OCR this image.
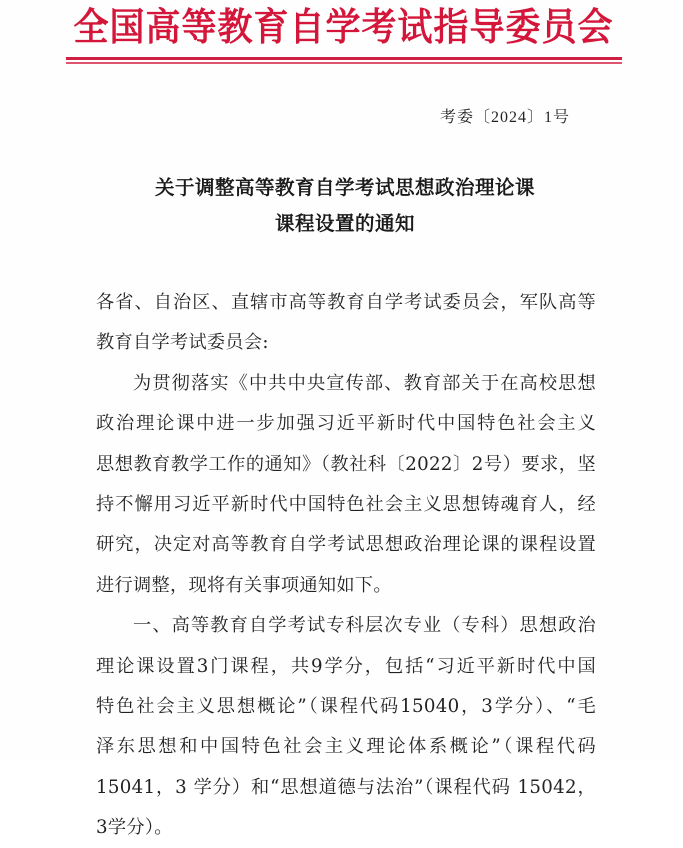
全国高等教育自学考试指导委员会
考委〔2024〕1号
关于调整高等教育自学考试思想政治理论课
课程设置的通知
各省、自治区、直辖市高等教育自学考试委员会，军队高等
教育自学考试委员会:
为贯彻落实《中共中央宣传部、教育部关于在高校思想
政治理论课中进一步加强习近平新时代中国特色社会主义
思想教育教学工作的通知》（教社科〔2022〕2号）要求，坚
持不懈用习近平新时代中国特色社会主义思想铸魂育人，经
研究，决定对高等教育自学考试思想政治理论课的课程设置
进行调整，现将有关事项通知如下。
一、高等教育自学考试专科层次专业（专科）思想政治
理论课设置3门课程，共9学分，包括“习近平新时代中国
特色社会主义思想概论”（课程代码15040，3学分）、“毛
泽东思想和中国特色社会主义理论体系概论”（课程代码
15041，3 学分）和“思想道德与法治”（课程代码 15042，
3学分）。
